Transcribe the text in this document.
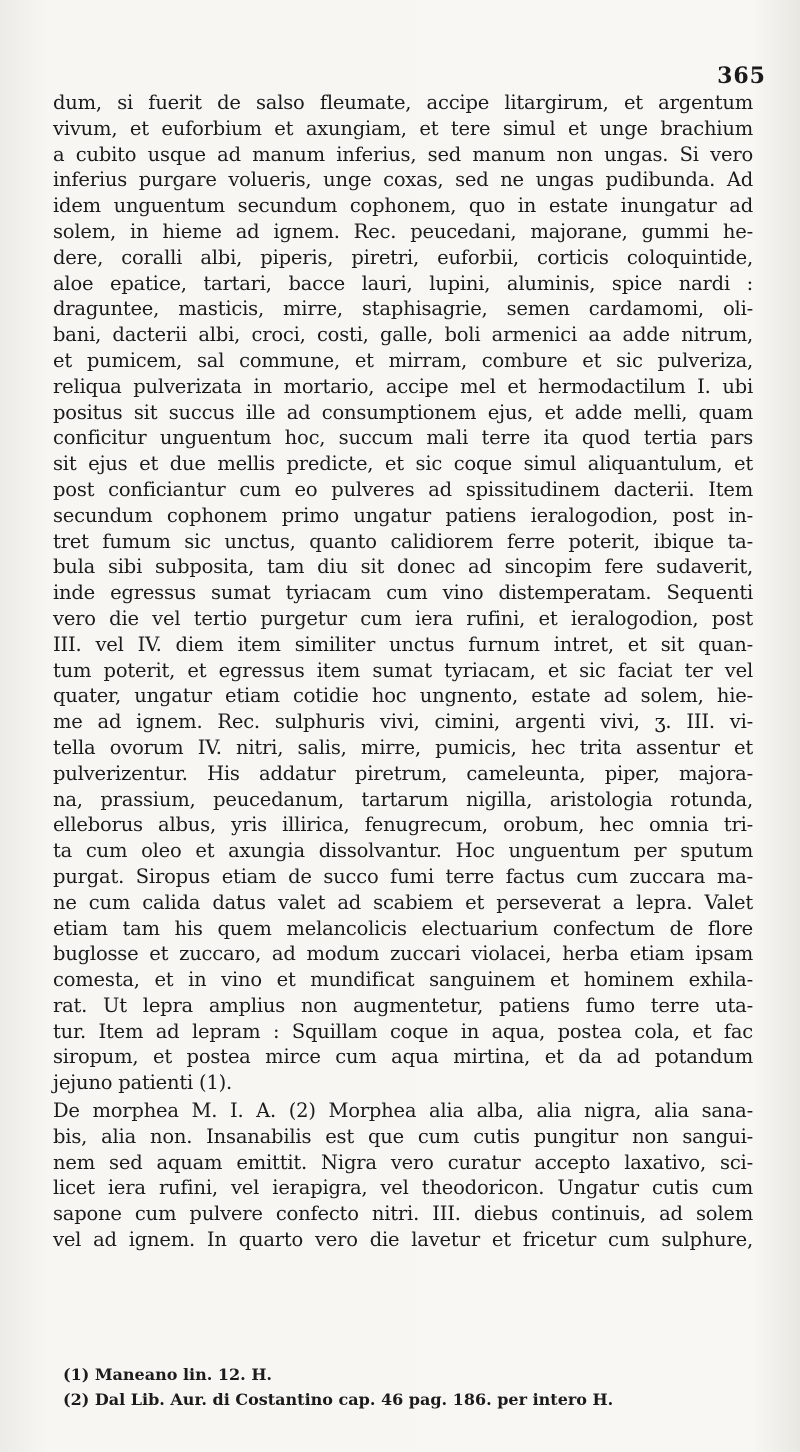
365
dum, si fuerit de salso fleumate, accipe litargirum, et argentum
vivum, et euforbium et axungiam, et tere simul et unge brachium
a cubito usque ad manum inferius, sed manum non ungas. Si vero
inferius purgare volueris, unge coxas, sed ne ungas pudibunda. Ad
idem unguentum secundum cophonem, quo in estate inungatur ad
solem, in hieme ad ignem. Rec. peucedani, majorane, gummi he-
dere, coralli albi, piperis, piretri, euforbii, corticis coloquintide,
aloe epatice, tartari, bacce lauri, lupini, aluminis, spice nardi :
draguntee, masticis, mirre, staphisagrie, semen cardamomi, oli-
bani, dacterii albi, croci, costi, galle, boli armenici aa adde nitrum,
et pumicem, sal commune, et mirram, combure et sic pulveriza,
reliqua pulverizata in mortario, accipe mel et hermodactilum I. ubi
positus sit succus ille ad consumptionem ejus, et adde melli, quam
conficitur unguentum hoc, succum mali terre ita quod tertia pars
sit ejus et due mellis predicte, et sic coque simul aliquantulum, et
post conficiantur cum eo pulveres ad spissitudinem dacterii. Item
secundum cophonem primo ungatur patiens ieralogodion, post in-
tret fumum sic unctus, quanto calidiorem ferre poterit, ibique ta-
bula sibi subposita, tam diu sit donec ad sincopim fere sudaverit,
inde egressus sumat tyriacam cum vino distemperatam. Sequenti
vero die vel tertio purgetur cum iera rufini, et ieralogodion, post
III. vel IV. diem item similiter unctus furnum intret, et sit quan-
tum poterit, et egressus item sumat tyriacam, et sic faciat ter vel
quater, ungatur etiam cotidie hoc ungnento, estate ad solem, hie-
me ad ignem. Rec. sulphuris vivi, cimini, argenti vivi, ʒ. III. vi-
tella ovorum IV. nitri, salis, mirre, pumicis, hec trita assentur et
pulverizentur. His addatur piretrum, cameleunta, piper, majora-
na, prassium, peucedanum, tartarum nigilla, aristologia rotunda,
elleborus albus, yris illirica, fenugrecum, orobum, hec omnia tri-
ta cum oleo et axungia dissolvantur. Hoc unguentum per sputum
purgat. Siropus etiam de succo fumi terre factus cum zuccara ma-
ne cum calida datus valet ad scabiem et perseverat a lepra. Valet
etiam tam his quem melancolicis electuarium confectum de flore
buglosse et zuccaro, ad modum zuccari violacei, herba etiam ipsam
comesta, et in vino et mundificat sanguinem et hominem exhila-
rat. Ut lepra amplius non augmentetur, patiens fumo terre uta-
tur. Item ad lepram : Squillam coque in aqua, postea cola, et fac
siropum, et postea mirce cum aqua mirtina, et da ad potandum
jejuno patienti (1).
De morphea M. I. A. (2) Morphea alia alba, alia nigra, alia sana-
bis, alia non. Insanabilis est que cum cutis pungitur non sangui-
nem sed aquam emittit. Nigra vero curatur accepto laxativo, sci-
licet iera rufini, vel ierapigra, vel theodoricon. Ungatur cutis cum
sapone cum pulvere confecto nitri. III. diebus continuis, ad solem
vel ad ignem. In quarto vero die lavetur et fricetur cum sulphure,
(1) Maneano lin. 12. H.
(2) Dal Lib. Aur. di Costantino cap. 46 pag. 186. per intero H.
